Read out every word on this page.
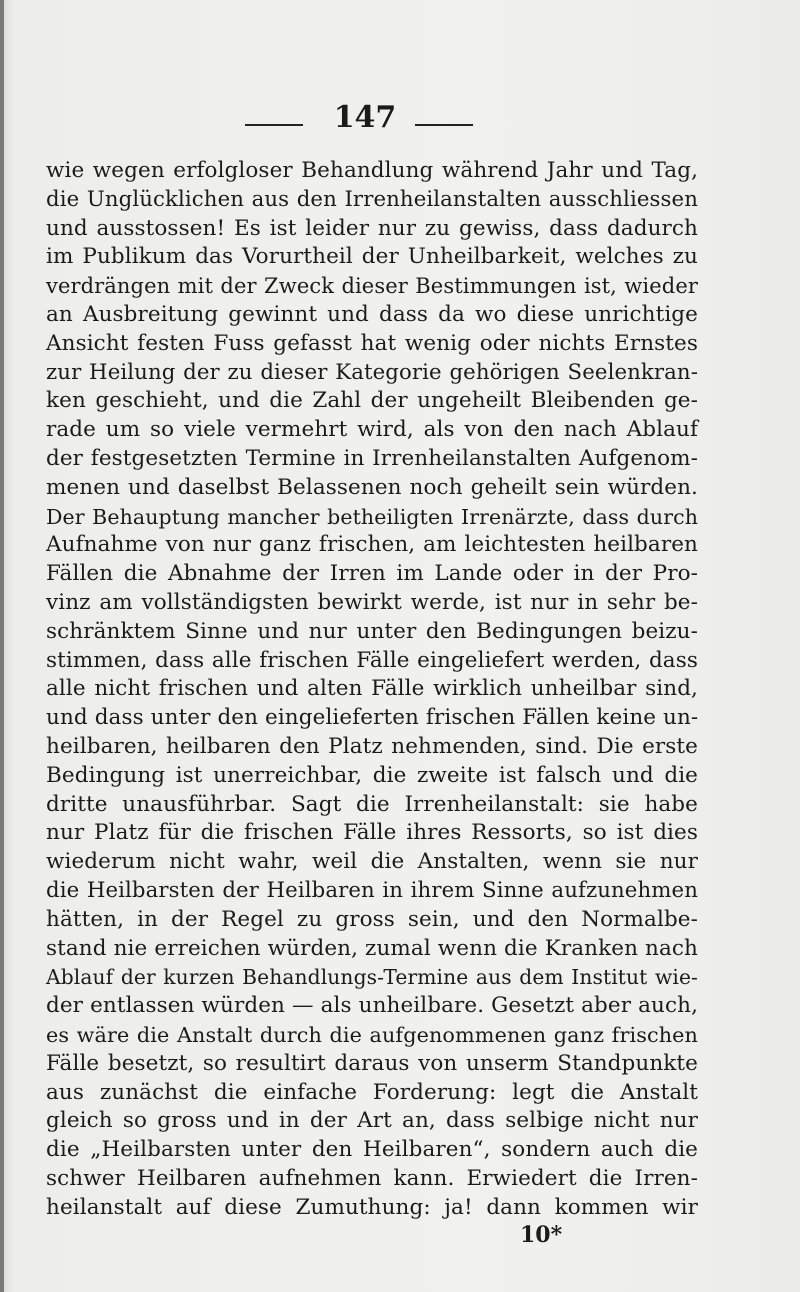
147
wie wegen erfolgloser Behandlung während Jahr und Tag,
die Unglücklichen aus den Irrenheilanstalten ausschliessen
und ausstossen! Es ist leider nur zu gewiss, dass dadurch
im Publikum das Vorurtheil der Unheilbarkeit, welches zu
verdrängen mit der Zweck dieser Bestimmungen ist, wieder
an Ausbreitung gewinnt und dass da wo diese unrichtige
Ansicht festen Fuss gefasst hat wenig oder nichts Ernstes
zur Heilung der zu dieser Kategorie gehörigen Seelenkran-
ken geschieht, und die Zahl der ungeheilt Bleibenden ge-
rade um so viele vermehrt wird, als von den nach Ablauf
der festgesetzten Termine in Irrenheilanstalten Aufgenom-
menen und daselbst Belassenen noch geheilt sein würden.
Der Behauptung mancher betheiligten Irrenärzte, dass durch
Aufnahme von nur ganz frischen, am leichtesten heilbaren
Fällen die Abnahme der Irren im Lande oder in der Pro-
vinz am vollständigsten bewirkt werde, ist nur in sehr be-
schränktem Sinne und nur unter den Bedingungen beizu-
stimmen, dass alle frischen Fälle eingeliefert werden, dass
alle nicht frischen und alten Fälle wirklich unheilbar sind,
und dass unter den eingelieferten frischen Fällen keine un-
heilbaren, heilbaren den Platz nehmenden, sind. Die erste
Bedingung ist unerreichbar, die zweite ist falsch und die
dritte unausführbar. Sagt die Irrenheilanstalt: sie habe
nur Platz für die frischen Fälle ihres Ressorts, so ist dies
wiederum nicht wahr, weil die Anstalten, wenn sie nur
die Heilbarsten der Heilbaren in ihrem Sinne aufzunehmen
hätten, in der Regel zu gross sein, und den Normalbe-
stand nie erreichen würden, zumal wenn die Kranken nach
Ablauf der kurzen Behandlungs-Termine aus dem Institut wie-
der entlassen würden — als unheilbare. Gesetzt aber auch,
es wäre die Anstalt durch die aufgenommenen ganz frischen
Fälle besetzt, so resultirt daraus von unserm Standpunkte
aus zunächst die einfache Forderung: legt die Anstalt
gleich so gross und in der Art an, dass selbige nicht nur
die „Heilbarsten unter den Heilbaren“, sondern auch die
schwer Heilbaren aufnehmen kann. Erwiedert die Irren-
heilanstalt auf diese Zumuthung: ja! dann kommen wir
10*
